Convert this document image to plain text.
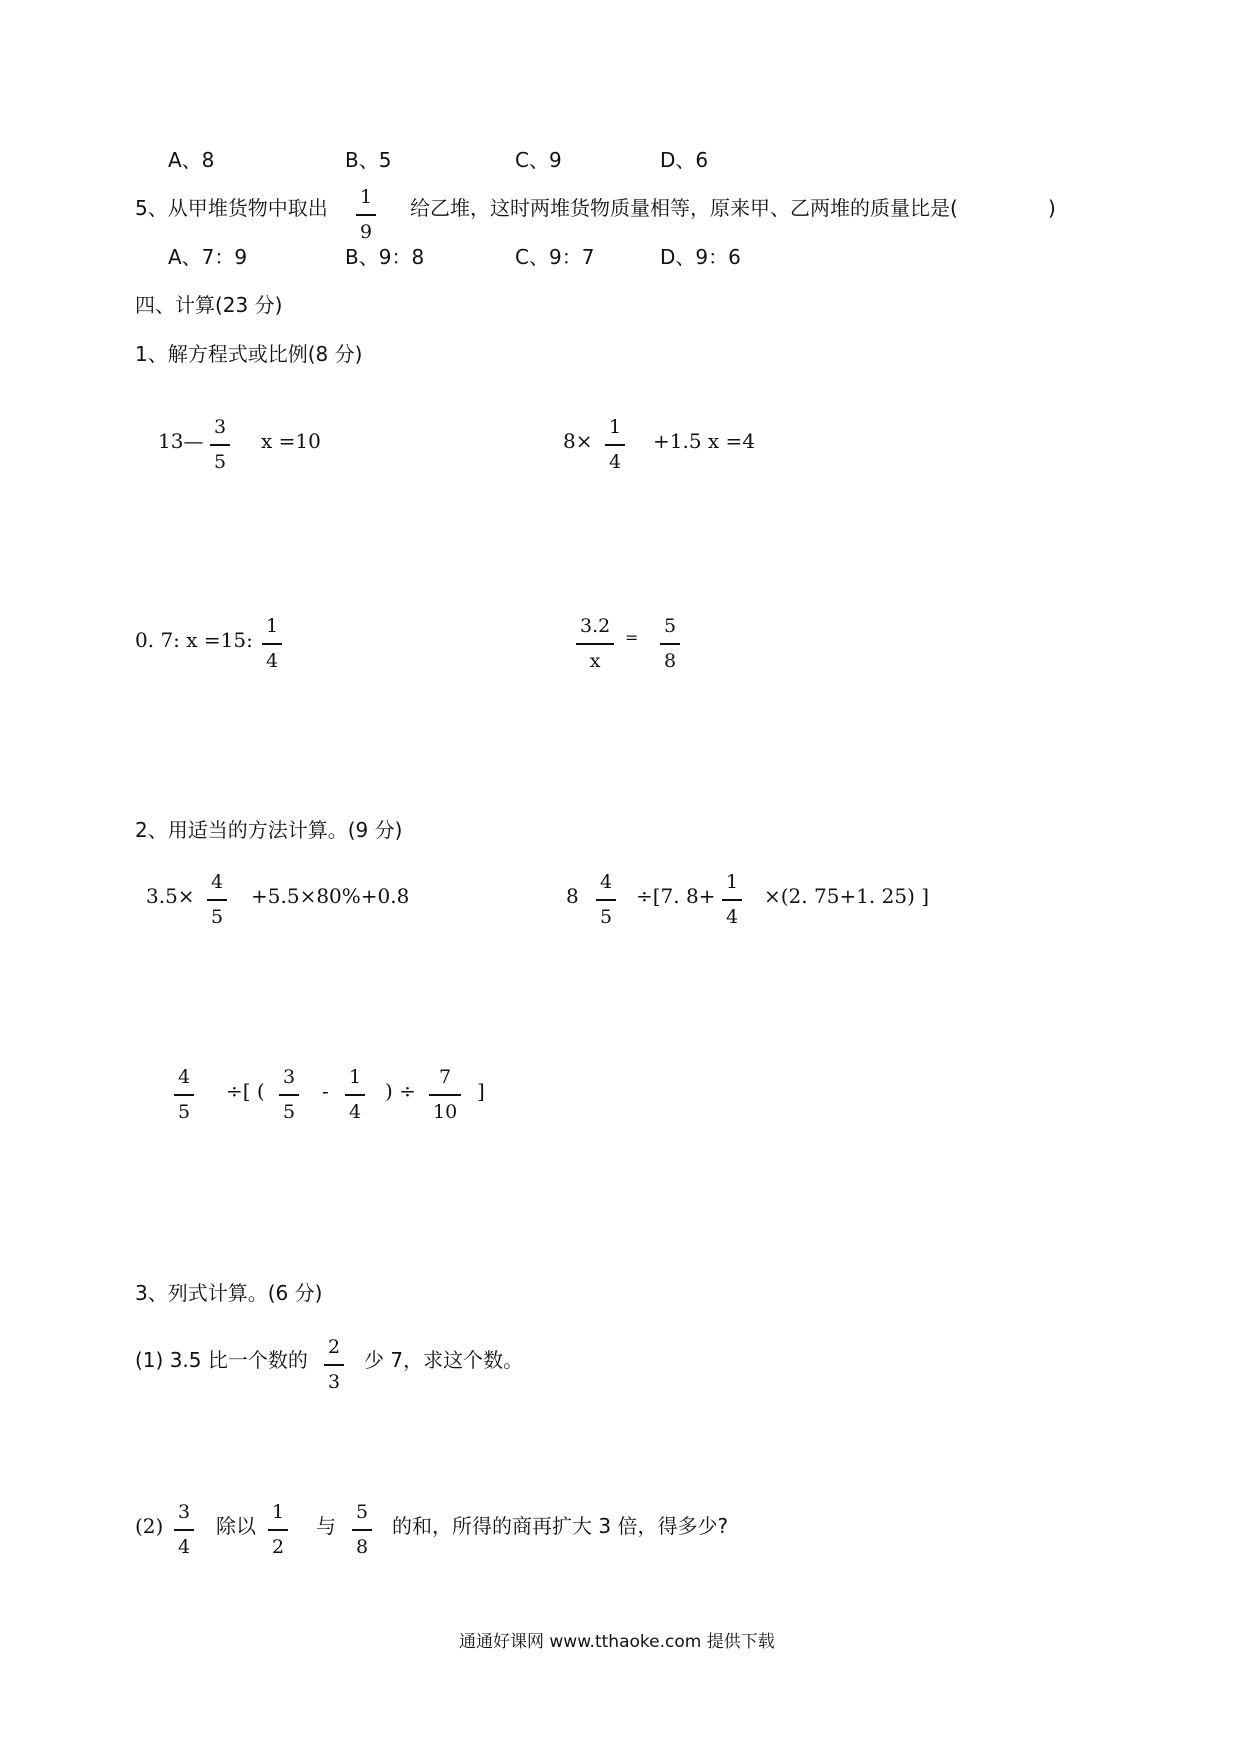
A、8	B、5	C、9	D、6
5、从甲堆货物中取出 1
9
给乙堆，这时两堆货物质量相等，原来甲、乙两堆的质量比是(	)
A、7：9	B、9：8	C、9：7	D、9：6
四、计算(23 分)
1、解方程式或比例(8 分)
13—
3
5
x =10	8×
1
4
+1.5 x =4
0. 7: x =15:
1
4
3.2
x
=
5
8
2、用适当的方法计算。(9 分)
3.5×
4
5
+5.5×80%+0.8	8
4
5
÷[7. 8+
1
4
×(2. 75+1. 25) ]
4
5
÷[ (
3
5
-
1
4
) ÷
7
10
]
3、列式计算。(6 分)
(1) 3.5 比一个数的
2
3
少 7，求这个数。
(2)
3
4
除以
1
2
与
5
8
的和，所得的商再扩大 3 倍，得多少?
通通好课网 www.tthaoke.com 提供下载
